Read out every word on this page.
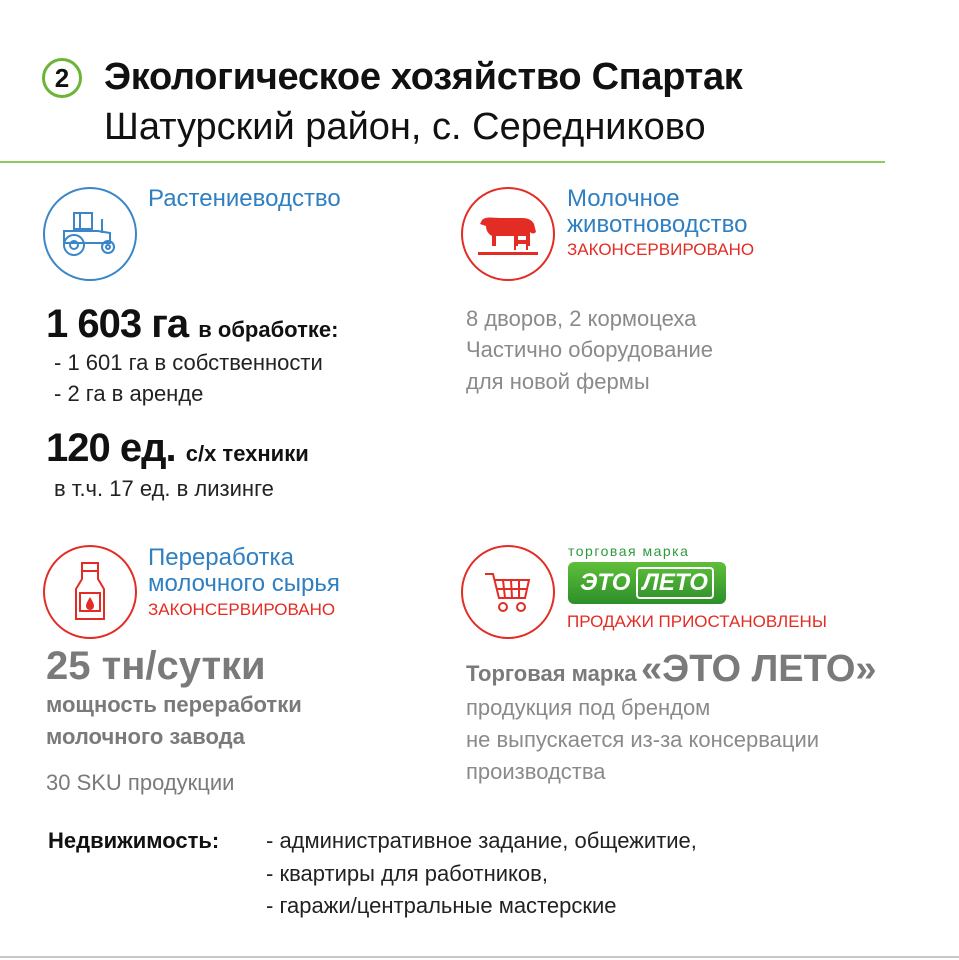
2 Экологическое хозяйство Спартак
Шатурский район, с. Середниково
Растениеводство
1 603 га в обработке:
- 1 601 га в собственности
- 2 га в аренде
120 ед. с/х техники
в т.ч. 17 ед. в лизинге
Молочное
животноводство
ЗАКОНСЕРВИРОВАНО
8 дворов, 2 кормоцеха
Частично оборудование
для новой фермы
Переработка
молочного сырья
ЗАКОНСЕРВИРОВАНО
25 тн/сутки
мощность переработки
молочного завода
30 SKU продукции
торговая марка
ЭТО ЛЕТО
ПРОДАЖИ ПРИОСТАНОВЛЕНЫ
Торговая марка «ЭТО ЛЕТО»
продукция под брендом
не выпускается из-за консервации
производства
Недвижимость: - административное задание, общежитие,
- квартиры для работников,
- гаражи/центральные мастерские
